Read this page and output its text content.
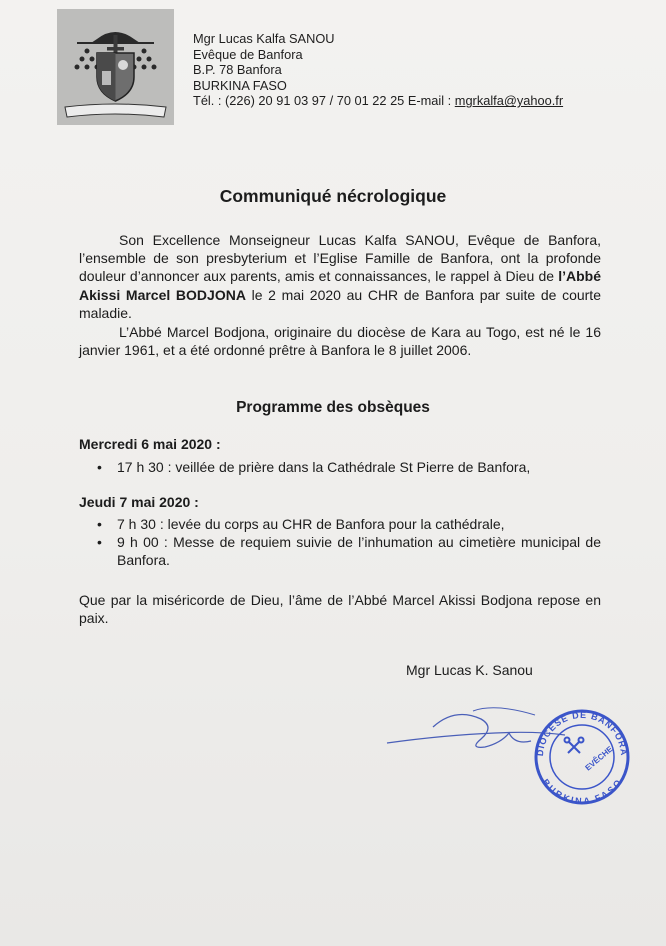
Mgr Lucas Kalfa SANOU
Evêque de Banfora
B.P. 78 Banfora
BURKINA FASO
Tél. : (226) 20 91 03 97 / 70 01 22 25 E-mail : mgrkalfa@yahoo.fr
Communiqué nécrologique
Son Excellence Monseigneur Lucas Kalfa SANOU, Evêque de Banfora, l’ensemble de son presbyterium et l’Eglise Famille de Banfora, ont la profonde douleur d’annoncer aux parents, amis et connaissances, le rappel à Dieu de l’Abbé Akissi Marcel BODJONA le 2 mai 2020 au CHR de Banfora par suite de courte maladie.
L’Abbé Marcel Bodjona, originaire du diocèse de Kara au Togo, est né le 16 janvier 1961, et a été ordonné prêtre à Banfora le 8 juillet 2006.
Programme des obsèques
Mercredi 6 mai 2020 :
• 17 h 30 : veillée de prière dans la Cathédrale St Pierre de Banfora,
Jeudi 7 mai 2020 :
• 7 h 30 : levée du corps au CHR de Banfora pour la cathédrale,
• 9 h 00 : Messe de requiem suivie de l’inhumation au cimetière municipal de Banfora.
Que par la miséricorde de Dieu, l’âme de l’Abbé Marcel Akissi Bodjona repose en paix.
Mgr Lucas K. Sanou
DIOCÈSE DE BANFORA
BURKINA FASO
EVÊCHE
